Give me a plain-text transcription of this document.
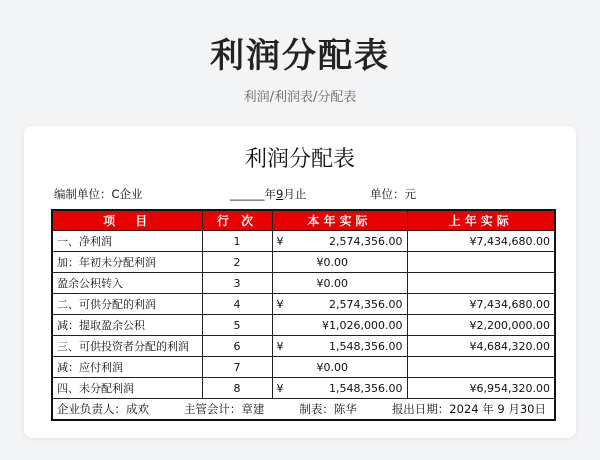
利润分配表
利润/利润表/分配表
利润分配表
编制单位：C企业	______年9月止	单位：元
项　目	行 次	本年实际	上年实际
一、净利润	1	¥ 2,574,356.00	¥7,434,680.00
加：年初未分配利润	2	¥0.00	

盈余公积转入	3	¥0.00	

二、可供分配的利润	4	¥ 2,574,356.00	¥7,434,680.00
减：提取盈余公积	5	¥1,026,000.00	¥2,200,000.00
三、可供投资者分配的利润	6	¥ 1,548,356.00	¥4,684,320.00
减：应付利润	7	¥0.00	

四、未分配利润	8	¥ 1,548,356.00	¥6,954,320.00

企业负责人：成欢 主管会计：章建 制表：陈华 报出日期：2024 年 9 月30日			
